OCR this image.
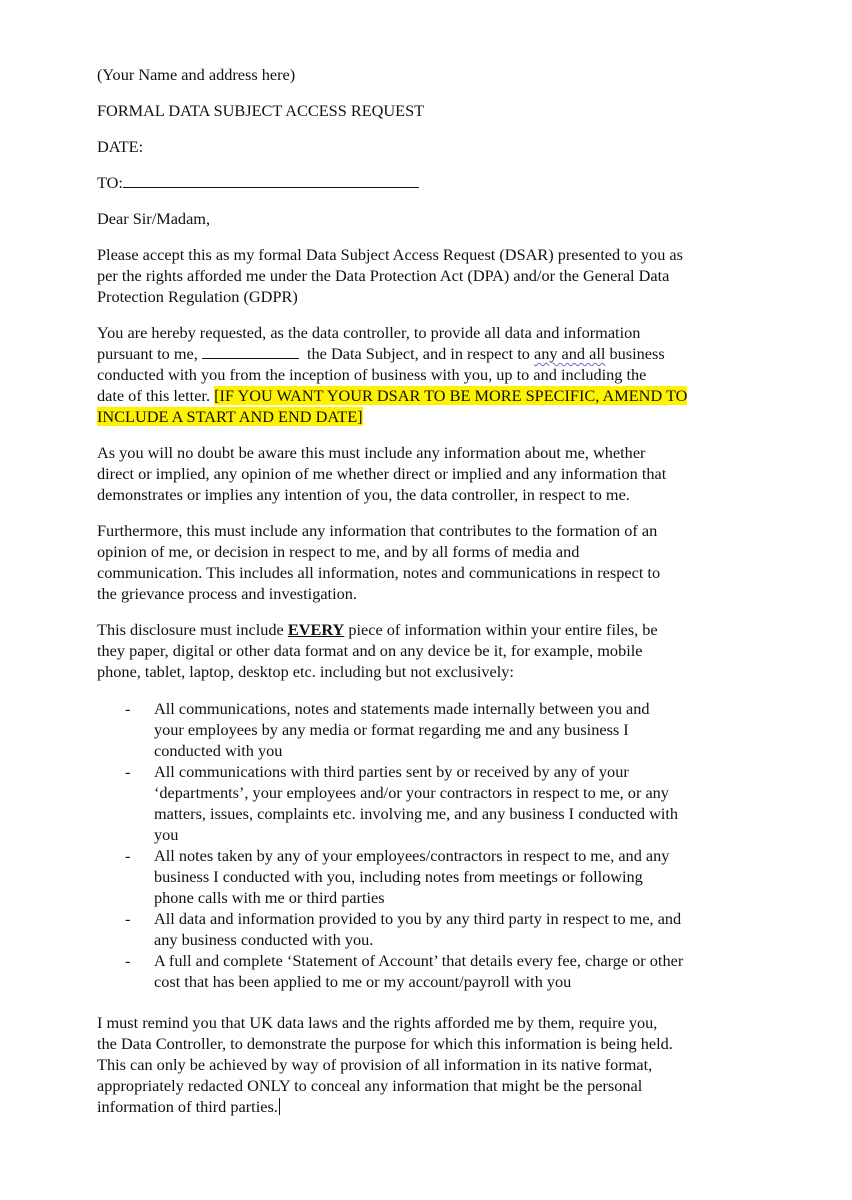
(Your Name and address here)

FORMAL DATA SUBJECT ACCESS REQUEST

DATE:

TO:

Dear Sir/Madam,

Please accept this as my formal Data Subject Access Request (DSAR) presented to you as

per the rights afforded me under the Data Protection Act (DPA) and/or the General Data

Protection Regulation (GDPR)

You are hereby requested, as the data controller, to provide all data and information

pursuant to me,	the Data Subject, and in respect to any and all business

conducted with you from the inception of business with you, up to and including the

date of this letter. [IF YOU WANT YOUR DSAR TO BE MORE SPECIFIC, AMEND TO

INCLUDE A START AND END DATE]

As you will no doubt be aware this must include any information about me, whether

direct or implied, any opinion of me whether direct or implied and any information that

demonstrates or implies any intention of you, the data controller, in respect to me.

Furthermore, this must include any information that contributes to the formation of an

opinion of me, or decision in respect to me, and by all forms of media and

communication. This includes all information, notes and communications in respect to

the grievance process and investigation.

This disclosure must include EVERY piece of information within your entire files, be

they paper, digital or other data format and on any device be it, for example, mobile

phone, tablet, laptop, desktop etc. including but not exclusively:

- All communications, notes and statements made internally between you and

your employees by any media or format regarding me and any business I

conducted with you

- All communications with third parties sent by or received by any of your

‘departments’, your employees and/or your contractors in respect to me, or any

matters, issues, complaints etc. involving me, and any business I conducted with

you

- All notes taken by any of your employees/contractors in respect to me, and any

business I conducted with you, including notes from meetings or following

phone calls with me or third parties

- All data and information provided to you by any third party in respect to me, and

any business conducted with you.

- A full and complete ‘Statement of Account’ that details every fee, charge or other

cost that has been applied to me or my account/payroll with you

I must remind you that UK data laws and the rights afforded me by them, require you,

the Data Controller, to demonstrate the purpose for which this information is being held.

This can only be achieved by way of provision of all information in its native format,

appropriately redacted ONLY to conceal any information that might be the personal

information of third parties.
